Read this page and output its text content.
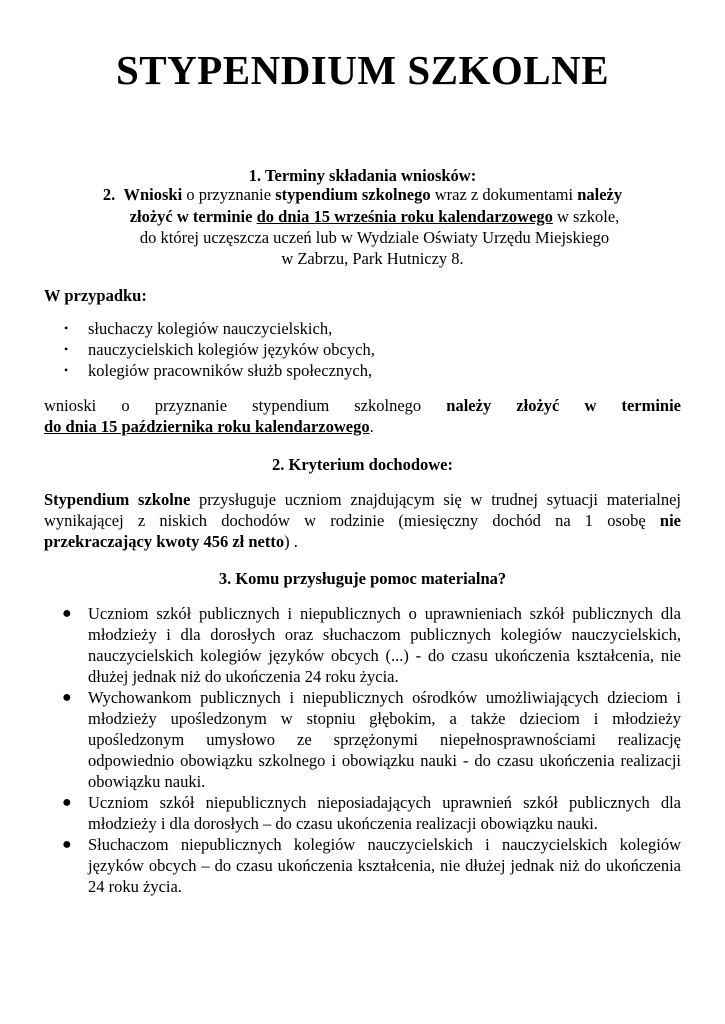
STYPENDIUM SZKOLNE
1. Terminy składania wniosków:
2. Wnioski o przyznanie stypendium szkolnego wraz z dokumentami należy
złożyć w terminie do dnia 15 września roku kalendarzowego w szkole,
do której uczęszcza uczeń lub w Wydziale Oświaty Urzędu Miejskiego
w Zabrzu, Park Hutniczy 8.
W przypadku:
• słuchaczy kolegiów nauczycielskich,
• nauczycielskich kolegiów języków obcych,
• kolegiów pracowników służb społecznych,
wnioski o przyznanie stypendium szkolnego należy złożyć w terminie
do dnia 15 października roku kalendarzowego.
2. Kryterium dochodowe:
Stypendium szkolne przysługuje uczniom znajdującym się w trudnej sytuacji materialnej wynikającej z niskich dochodów w rodzinie (miesięczny dochód na 1 osobę nie przekraczający kwoty 456 zł netto) .
3. Komu przysługuje pomoc materialna?
● Uczniom szkół publicznych i niepublicznych o uprawnieniach szkół publicznych dla młodzieży i dla dorosłych oraz słuchaczom publicznych kolegiów nauczycielskich, nauczycielskich kolegiów języków obcych (...) - do czasu ukończenia kształcenia, nie dłużej jednak niż do ukończenia 24 roku życia.
● Wychowankom publicznych i niepublicznych ośrodków umożliwiających dzieciom i młodzieży upośledzonym w stopniu głębokim, a także dzieciom i młodzieży upośledzonym umysłowo ze sprzężonymi niepełnosprawnościami realizację odpowiednio obowiązku szkolnego i obowiązku nauki - do czasu ukończenia realizacji obowiązku nauki.
● Uczniom szkół niepublicznych nieposiadających uprawnień szkół publicznych dla młodzieży i dla dorosłych – do czasu ukończenia realizacji obowiązku nauki.
● Słuchaczom niepublicznych kolegiów nauczycielskich i nauczycielskich kolegiów języków obcych – do czasu ukończenia kształcenia, nie dłużej jednak niż do ukończenia 24 roku życia.
